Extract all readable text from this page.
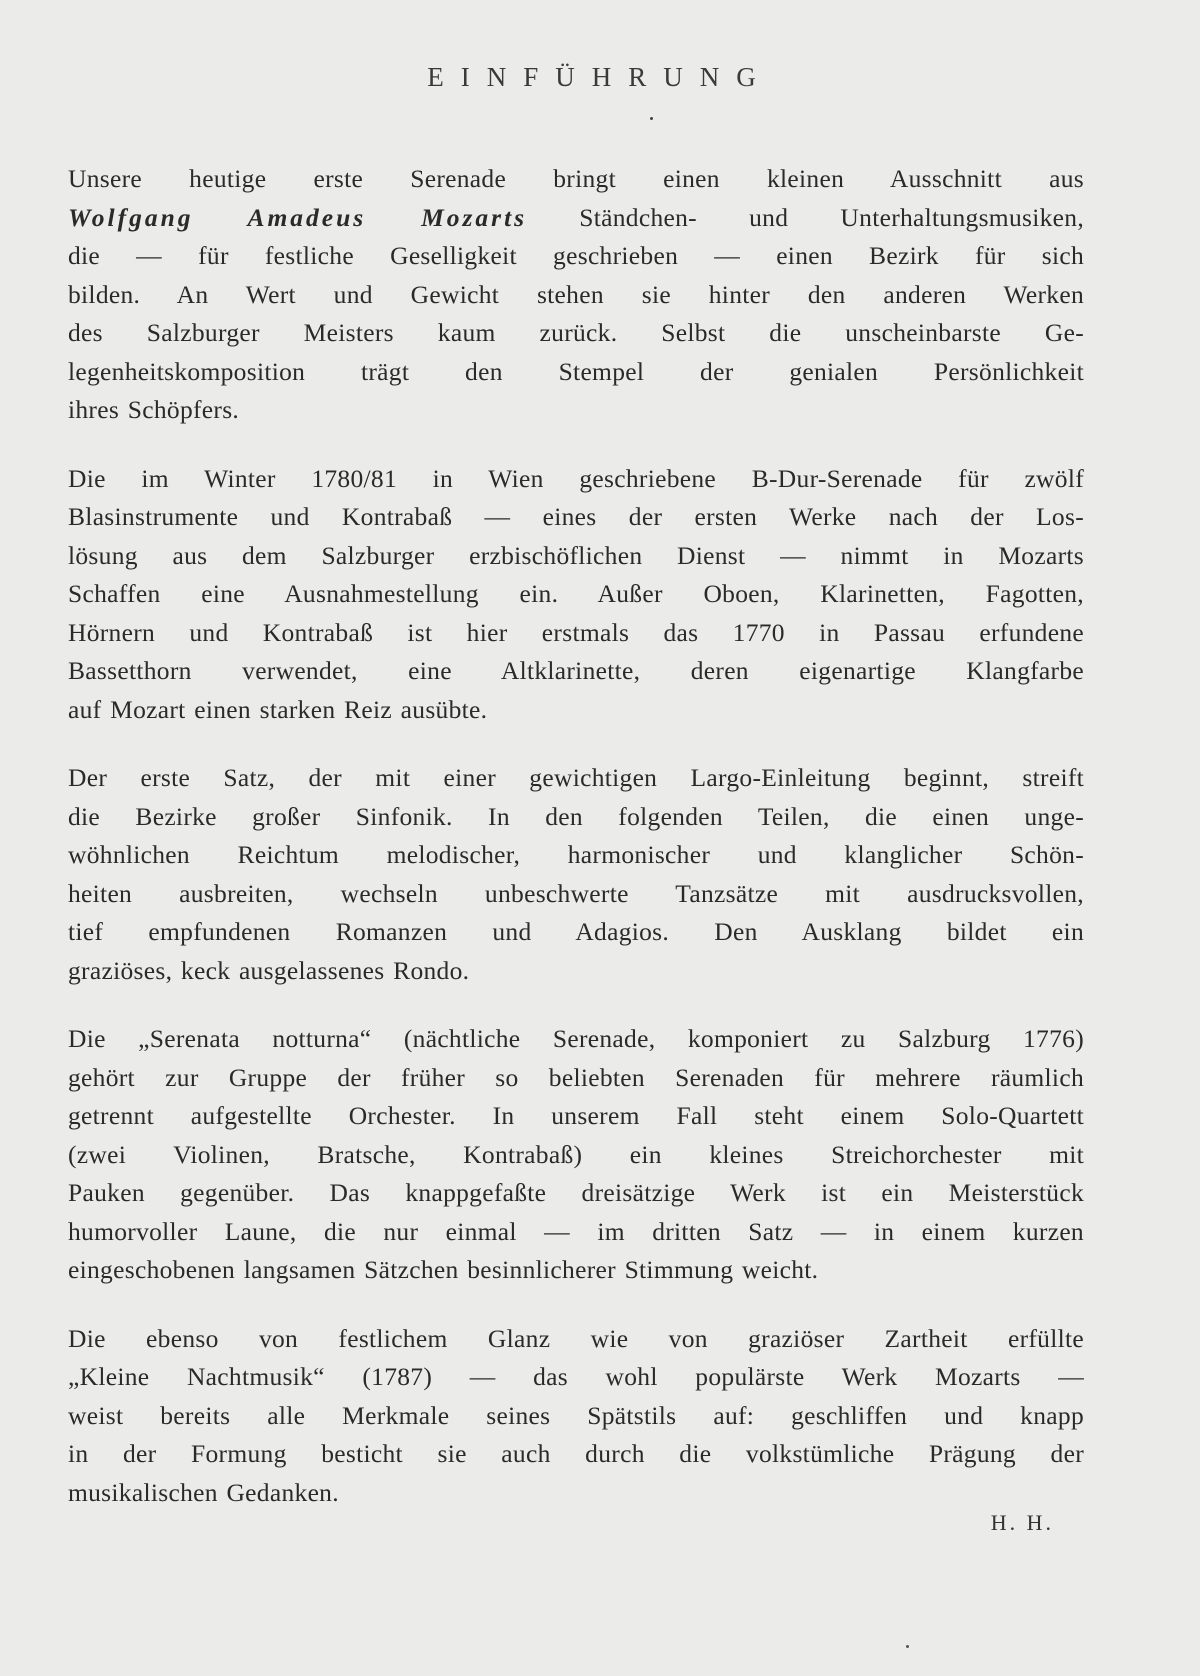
EINFÜHRUNG

Unsere heutige erste Serenade bringt einen kleinen Ausschnitt aus
Wolfgang Amadeus Mozarts Ständchen- und Unterhaltungsmusiken,
die — für festliche Geselligkeit geschrieben — einen Bezirk für sich
bilden. An Wert und Gewicht stehen sie hinter den anderen Werken
des Salzburger Meisters kaum zurück. Selbst die unscheinbarste Ge-
legenheitskomposition trägt den Stempel der genialen Persönlichkeit
ihres Schöpfers.

Die im Winter 1780/81 in Wien geschriebene B-Dur-Serenade für zwölf
Blasinstrumente und Kontrabaß — eines der ersten Werke nach der Los-
lösung aus dem Salzburger erzbischöflichen Dienst — nimmt in Mozarts
Schaffen eine Ausnahmestellung ein. Außer Oboen, Klarinetten, Fagotten,
Hörnern und Kontrabaß ist hier erstmals das 1770 in Passau erfundene
Bassetthorn verwendet, eine Altklarinette, deren eigenartige Klangfarbe
auf Mozart einen starken Reiz ausübte.

Der erste Satz, der mit einer gewichtigen Largo-Einleitung beginnt, streift
die Bezirke großer Sinfonik. In den folgenden Teilen, die einen unge-
wöhnlichen Reichtum melodischer, harmonischer und klanglicher Schön-
heiten ausbreiten, wechseln unbeschwerte Tanzsätze mit ausdrucksvollen,
tief empfundenen Romanzen und Adagios. Den Ausklang bildet ein
graziöses, keck ausgelassenes Rondo.

Die „Serenata notturna“ (nächtliche Serenade, komponiert zu Salzburg 1776)
gehört zur Gruppe der früher so beliebten Serenaden für mehrere räumlich
getrennt aufgestellte Orchester. In unserem Fall steht einem Solo-Quartett
(zwei Violinen, Bratsche, Kontrabaß) ein kleines Streichorchester mit
Pauken gegenüber. Das knappgefaßte dreisätzige Werk ist ein Meisterstück
humorvoller Laune, die nur einmal — im dritten Satz — in einem kurzen
eingeschobenen langsamen Sätzchen besinnlicherer Stimmung weicht.

Die ebenso von festlichem Glanz wie von graziöser Zartheit erfüllte
„Kleine Nachtmusik“ (1787) — das wohl populärste Werk Mozarts —
weist bereits alle Merkmale seines Spätstils auf: geschliffen und knapp
in der Formung besticht sie auch durch die volkstümliche Prägung der
musikalischen Gedanken.

H. H.
